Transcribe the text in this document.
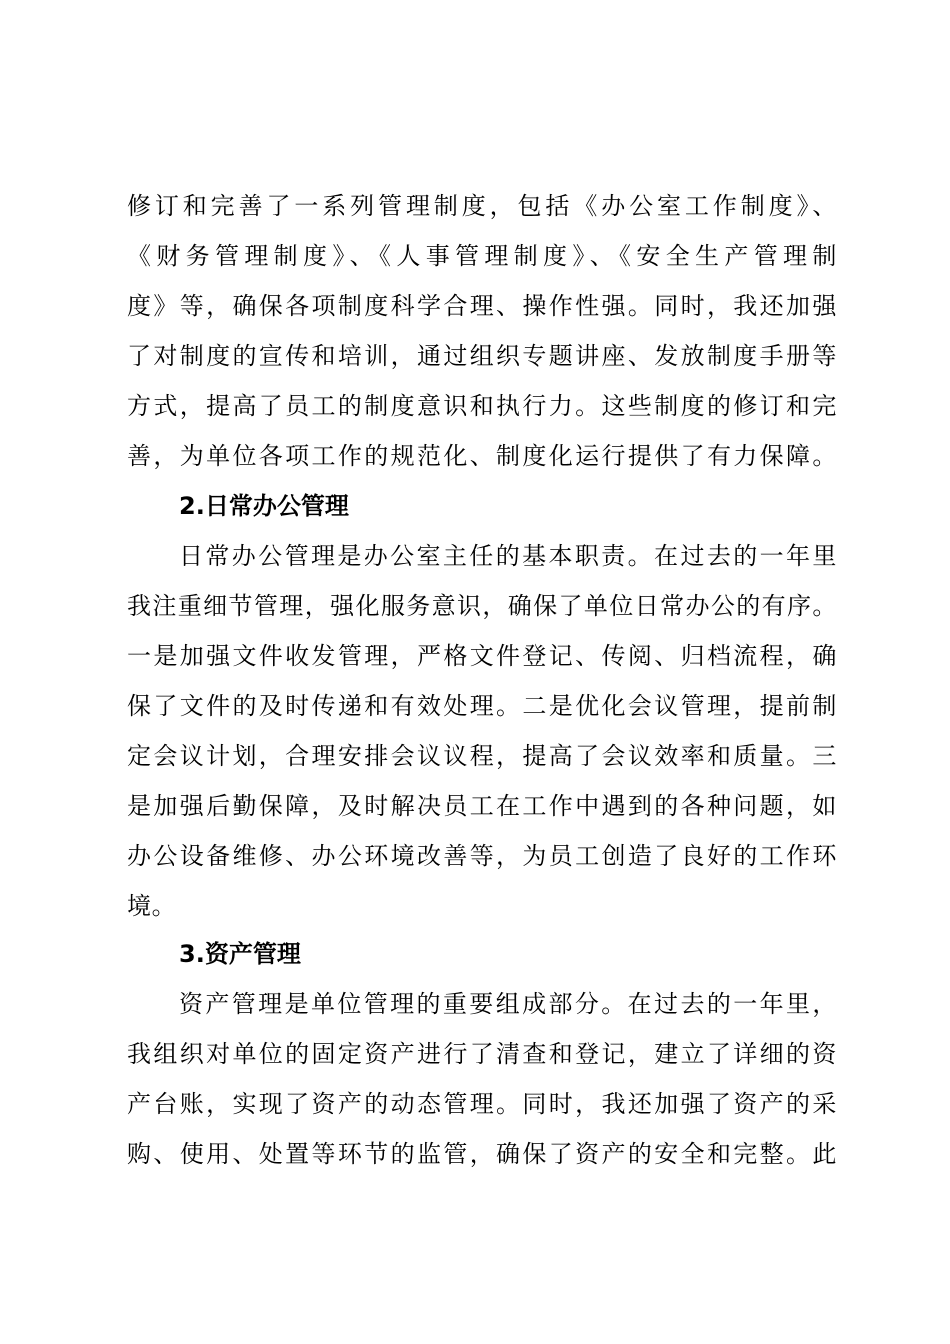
修订和完善了一系列管理制度，包括《办公室工作制度》、
《财务管理制度》、《人事管理制度》、《安全生产管理制
度》等，确保各项制度科学合理、操作性强。同时，我还加强
了对制度的宣传和培训，通过组织专题讲座、发放制度手册等
方式，提高了员工的制度意识和执行力。这些制度的修订和完
善，为单位各项工作的规范化、制度化运行提供了有力保障。
2.日常办公管理
日常办公管理是办公室主任的基本职责。在过去的一年里
我注重细节管理，强化服务意识，确保了单位日常办公的有序。
一是加强文件收发管理，严格文件登记、传阅、归档流程，确
保了文件的及时传递和有效处理。二是优化会议管理，提前制
定会议计划，合理安排会议议程，提高了会议效率和质量。三
是加强后勤保障，及时解决员工在工作中遇到的各种问题，如
办公设备维修、办公环境改善等，为员工创造了良好的工作环
境。
3.资产管理
资产管理是单位管理的重要组成部分。在过去的一年里，
我组织对单位的固定资产进行了清查和登记，建立了详细的资
产台账，实现了资产的动态管理。同时，我还加强了资产的采
购、使用、处置等环节的监管，确保了资产的安全和完整。此
